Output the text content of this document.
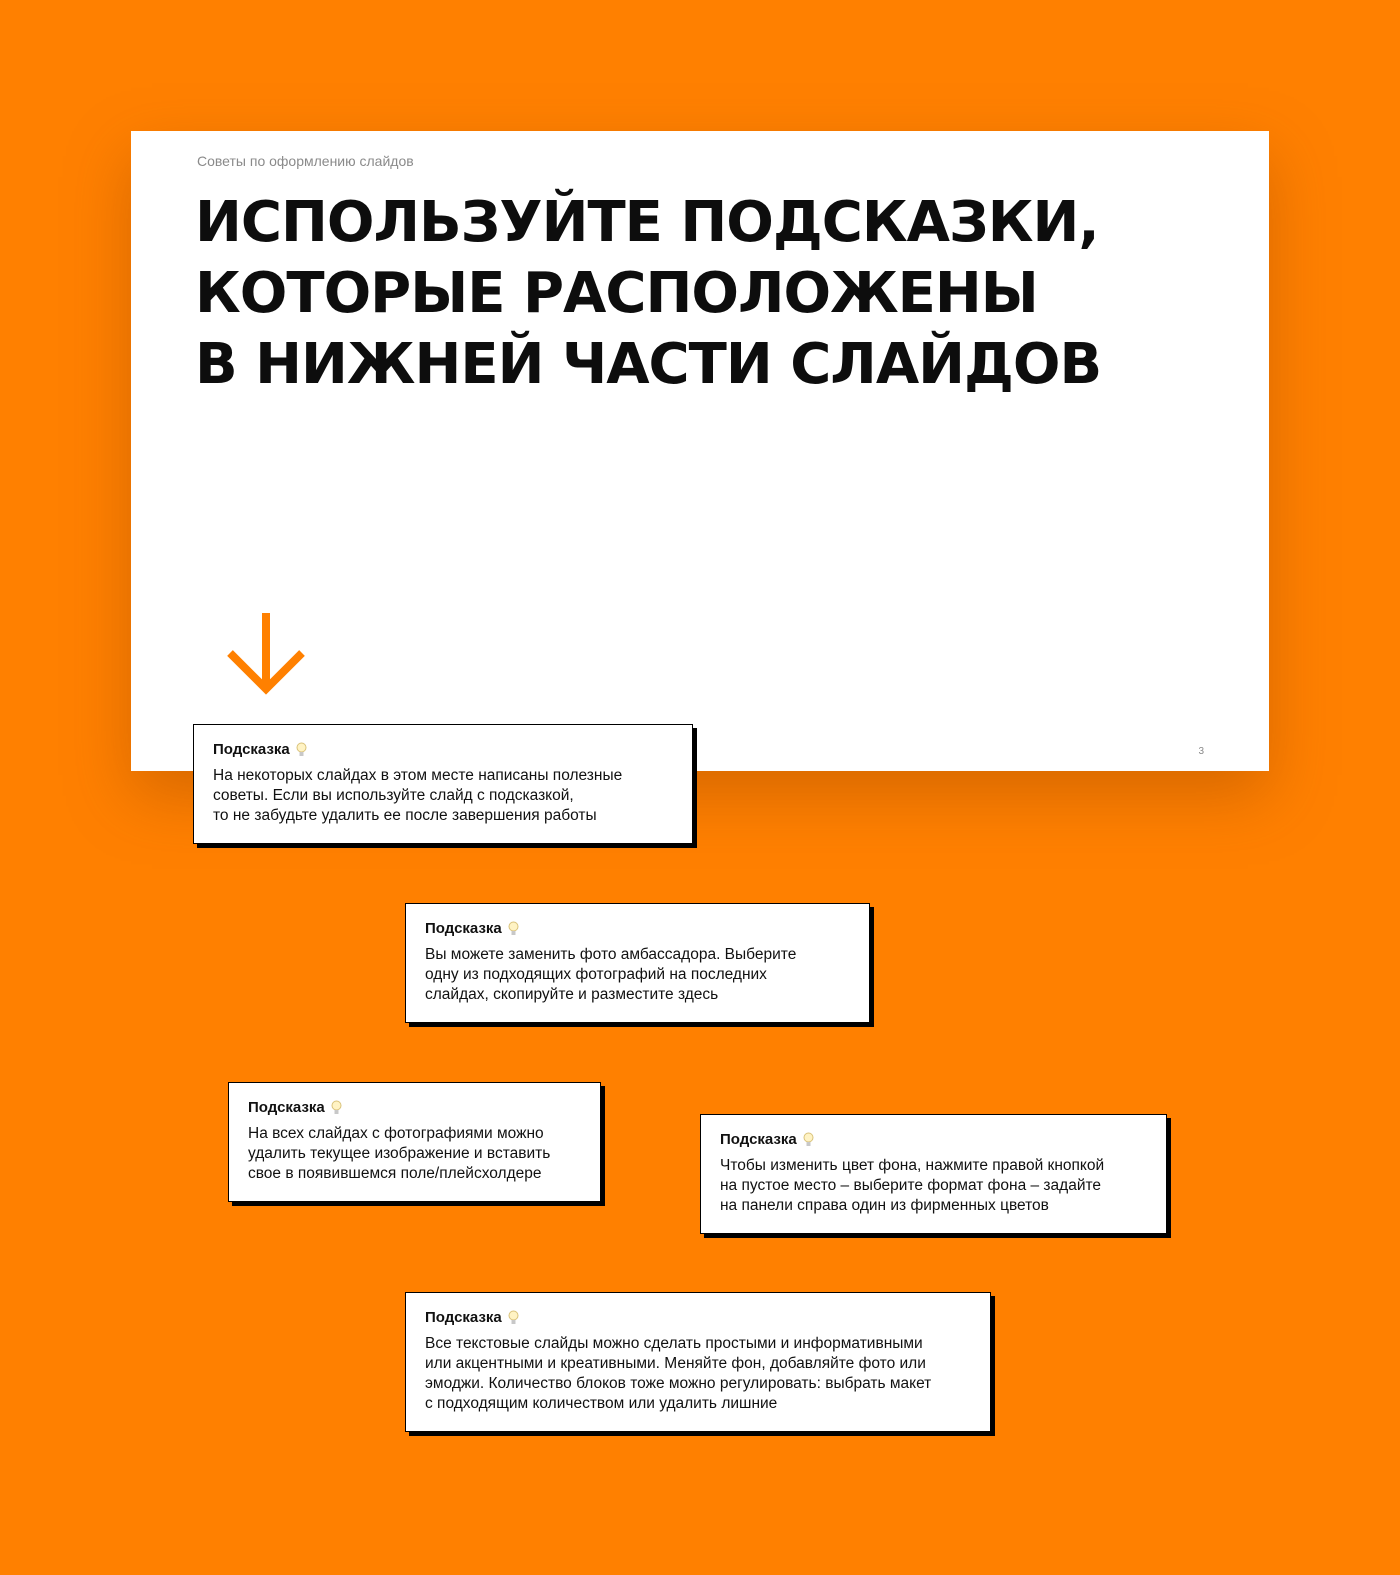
Советы по оформлению слайдов
ИСПОЛЬЗУЙТЕ ПОДСКАЗКИ,
КОТОРЫЕ РАСПОЛОЖЕНЫ
В НИЖНЕЙ ЧАСТИ СЛАЙДОВ
3
Подсказка
На некоторых слайдах в этом месте написаны полезные
советы. Если вы используйте слайд с подсказкой,
то не забудьте удалить ее после завершения работы
Подсказка
Вы можете заменить фото амбассадора. Выберите
одну из подходящих фотографий на последних
слайдах, скопируйте и разместите здесь
Подсказка
На всех слайдах с фотографиями можно
удалить текущее изображение и вставить
свое в появившемся поле/плейсхолдере
Подсказка
Чтобы изменить цвет фона, нажмите правой кнопкой
на пустое место – выберите формат фона – задайте
на панели справа один из фирменных цветов
Подсказка
Все текстовые слайды можно сделать простыми и информативными
или акцентными и креативными. Меняйте фон, добавляйте фото или
эмоджи. Количество блоков тоже можно регулировать: выбрать макет
с подходящим количеством или удалить лишние
